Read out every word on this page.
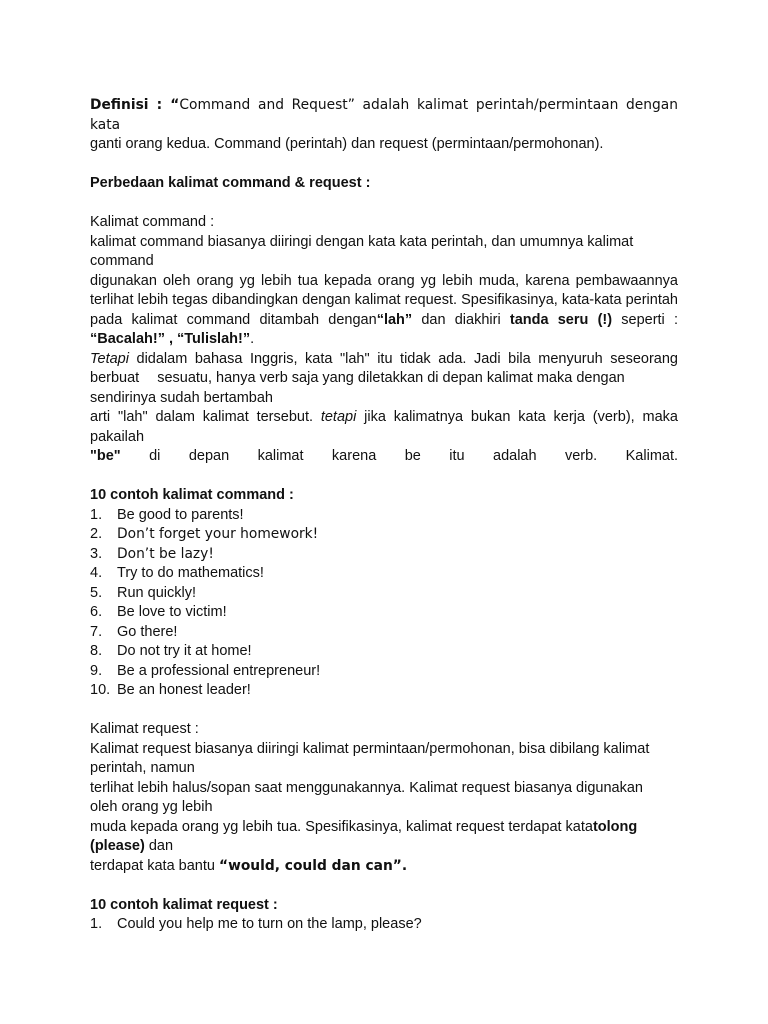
Definisi : “Command and Request” adalah kalimat perintah/permintaan dengan kata
ganti orang kedua. Command (perintah) dan request (permintaan/permohonan).

Perbedaan kalimat command & request :

Kalimat command :

kalimat command biasanya diiringi dengan kata kata perintah, dan umumnya kalimat

command

digunakan oleh orang yg lebih tua kepada orang yg lebih muda, karena pembawaannya terlihat lebih tegas dibandingkan dengan kalimat request. Spesifikasinya, kata-kata perintah pada kalimat command ditambah dengan“lah” dan diakhiri tanda seru (!) seperti : “Bacalah!” , “Tulislah!”.

Tetapi didalam bahasa Inggris, kata "lah" itu tidak ada. Jadi bila menyuruh seseorang

berbuat sesuatu, hanya verb saja yang diletakkan di depan kalimat maka dengan

sendirinya sudah bertambah

arti "lah" dalam kalimat tersebut. tetapi jika kalimatnya bukan kata kerja (verb), maka

pakailah

"be" di depan kalimat karena be itu adalah verb. Kalimat.

10 contoh kalimat command :

1. Be good to parents!
2. Don’t forget your homework!
3. Don’t be lazy!
4. Try to do mathematics!
5. Run quickly!
6. Be love to victim!
7. Go there!
8. Do not try it at home!
9. Be a professional entrepreneur!
10. Be an honest leader!

Kalimat request :

Kalimat request biasanya diiringi kalimat permintaan/permohonan, bisa dibilang kalimat

perintah, namun

terlihat lebih halus/sopan saat menggunakannya. Kalimat request biasanya digunakan

oleh orang yg lebih

muda kepada orang yg lebih tua. Spesifikasinya, kalimat request terdapat katatolong

(please) dan

terdapat kata bantu “would, could dan can”.

10 contoh kalimat request :

1. Could you help me to turn on the lamp, please?
